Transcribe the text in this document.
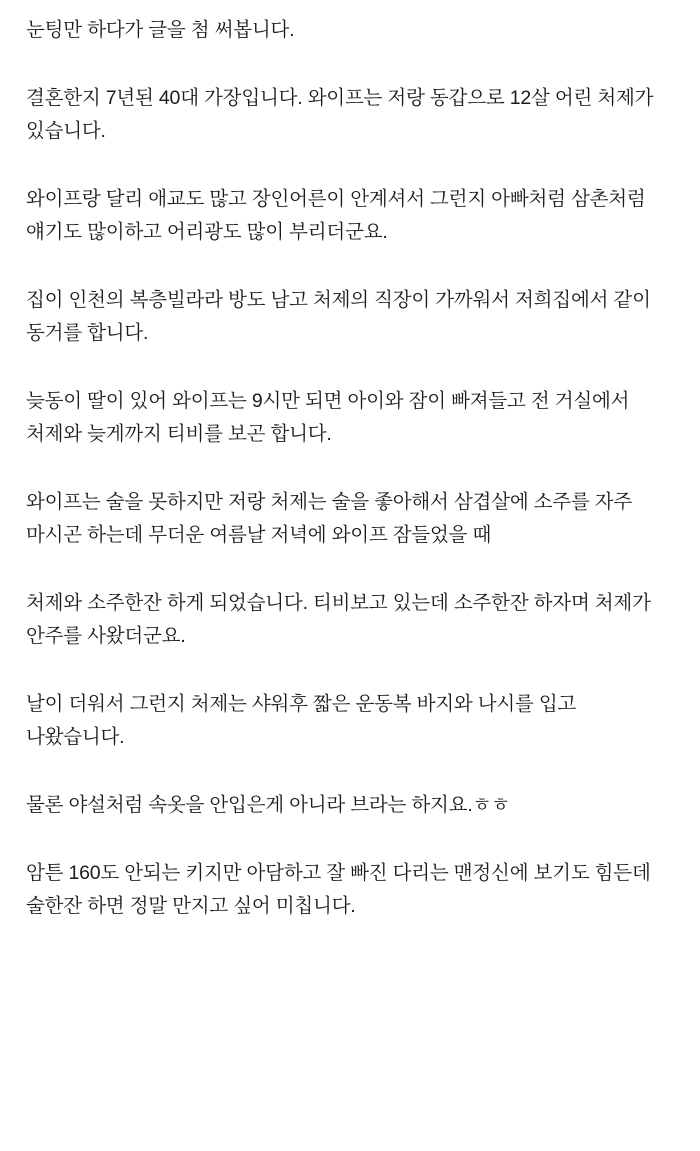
눈팅만 하다가 글을 첨 써봅니다.

결혼한지 7년된 40대 가장입니다. 와이프는 저랑 동갑으로 12살 어린 처제가 있습니다.

와이프랑 달리 애교도 많고 장인어른이 안계셔서 그런지 아빠처럼 삼촌처럼 얘기도 많이하고 어리광도 많이 부리더군요.

집이 인천의 복층빌라라 방도 남고 처제의 직장이 가까워서 저희집에서 같이 동거를 합니다.

늦동이 딸이 있어 와이프는 9시만 되면 아이와 잠이 빠져들고 전 거실에서 처제와 늦게까지 티비를 보곤 합니다.

와이프는 술을 못하지만 저랑 처제는 술을 좋아해서 삼겹살에 소주를 자주 마시곤 하는데 무더운 여름날 저녁에 와이프 잠들었을 때

처제와 소주한잔 하게 되었습니다. 티비보고 있는데 소주한잔 하자며 처제가 안주를 사왔더군요.

날이 더워서 그런지 처제는 샤워후 짧은 운동복 바지와 나시를 입고 나왔습니다.

물론 야설처럼 속옷을 안입은게 아니라 브라는 하지요.ㅎㅎ

암튼 160도 안되는 키지만 아담하고 잘 빠진 다리는 맨정신에 보기도 힘든데 술한잔 하면 정말 만지고 싶어 미칩니다.
